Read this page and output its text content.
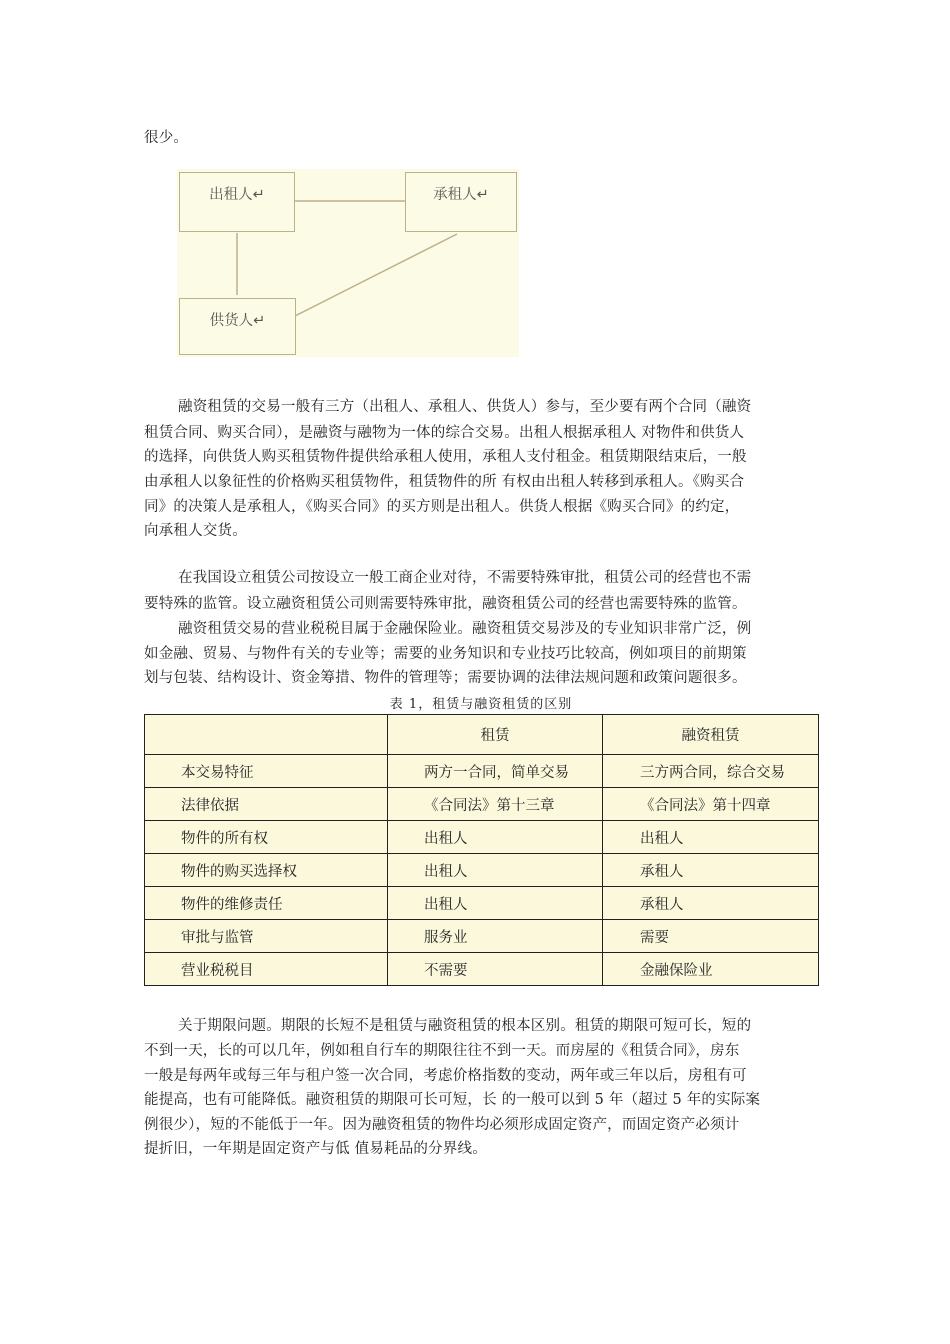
很少。
出租人↵	承租人↵
供货人↵
融资租赁的交易一般有三方（出租人、承租人、供货人）参与，至少要有两个合同（融资
租赁合同、购买合同），是融资与融物为一体的综合交易。出租人根据承租人 对物件和供货人
的选择，向供货人购买租赁物件提供给承租人使用，承租人支付租金。租赁期限结束后，一般
由承租人以象征性的价格购买租赁物件，租赁物件的所 有权由出租人转移到承租人。《购买合
同》的决策人是承租人，《购买合同》的买方则是出租人。供货人根据《购买合同》的约定，
向承租人交货。
在我国设立租赁公司按设立一般工商企业对待，不需要特殊审批，租赁公司的经营也不需
要特殊的监管。设立融资租赁公司则需要特殊审批，融资租赁公司的经营也需要特殊的监管。
融资租赁交易的营业税税目属于金融保险业。融资租赁交易涉及的专业知识非常广泛，例
如金融、贸易、与物件有关的专业等；需要的业务知识和专业技巧比较高，例如项目的前期策
划与包装、结构设计、资金筹措、物件的管理等；需要协调的法律法规问题和政策问题很多。
表 1，租赁与融资租赁的区别
	租赁	融资租赁
本交易特征	两方一合同，简单交易	三方两合同，综合交易
法律依据	《合同法》第十三章	《合同法》第十四章
物件的所有权	出租人	出租人
物件的购买选择权	出租人	承租人
物件的维修责任	出租人	承租人
审批与监管	服务业	需要
营业税税目	不需要	金融保险业
关于期限问题。期限的长短不是租赁与融资租赁的根本区别。租赁的期限可短可长，短的
不到一天，长的可以几年，例如租自行车的期限往往不到一天。而房屋的《租赁合同》，房东
一般是每两年或每三年与租户签一次合同，考虑价格指数的变动，两年或三年以后，房租有可
能提高，也有可能降低。融资租赁的期限可长可短，长 的一般可以到 5 年（超过 5 年的实际案
例很少），短的不能低于一年。因为融资租赁的物件均必须形成固定资产，而固定资产必须计
提折旧，一年期是固定资产与低 值易耗品的分界线。
